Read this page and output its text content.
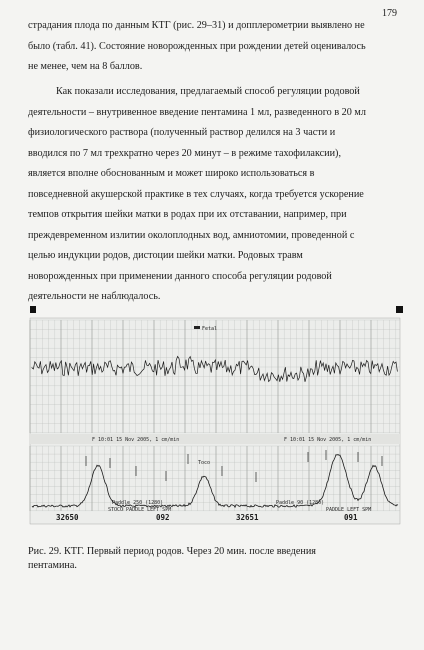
179
страдания плода по данным КТГ (рис. 29–31) и допплерометрии выявлено не
было (табл. 41). Состояние новорожденных при рождении детей оценивалось
не менее, чем на 8 баллов.
Как показали исследования, предлагаемый способ регуляции родовой
деятельности – внутривенное введение пентамина 1 мл, разведенного в 20 мл
физиологического раствора (полученный раствор делился на 3 части и
вводился по 7 мл трехкратно через 20 минут – в режиме тахофилаксии),
является вполне обоснованным и может широко использоваться в
повседневной акушерской практике в тех случаях, когда требуется ускорение
темпов открытия шейки матки в родах при их отставании, например, при
преждевременном излитии околоплодных вод, амниотомии, проведенной с
целью индукции родов, дистоции шейки матки. Родовых травм
новорожденных при применении данного способа регуляции родовой
деятельности не наблюдалось.
Fetal
F 10:01 15 Nov 2005, 1 cm/min	F 10:01 15 Nov 2005, 1 cm/min
Toco
Paddle 250 (1280)
STOCO PADDLE LEFT SPM
Paddle 90 (1280)
PADDLE LEFT SPM
32650	092	32651	091
Рис. 29. КТГ. Первый период родов. Через 20 мин. после введения
пентамина.
